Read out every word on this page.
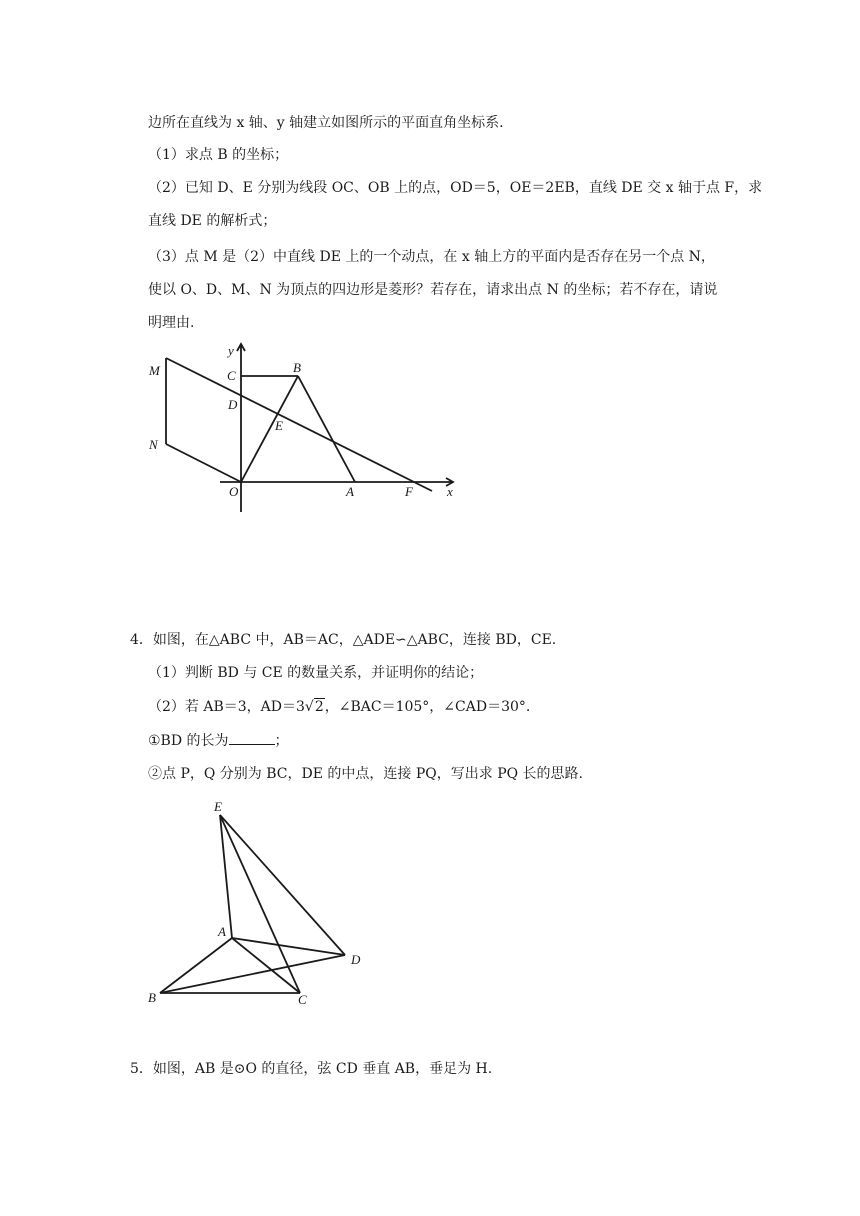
边所在直线为 x 轴、y 轴建立如图所示的平面直角坐标系.
（1）求点 B 的坐标；
（2）已知 D、E 分别为线段 OC、OB 上的点，OD＝5，OE＝2EB，直线 DE 交 x 轴于点 F，求
直线 DE 的解析式；
（3）点 M 是（2）中直线 DE 上的一个动点，在 x 轴上方的平面内是否存在另一个点 N，
使以 O、D、M、N 为顶点的四边形是菱形？若存在，请求出点 N 的坐标；若不存在，请说
明理由.
M
N
y
C
B
D
E
O	A	F	x
E
A
D
B	C
4．如图，在△ABC 中，AB＝AC，△ADE∽△ABC，连接 BD，CE.
（1）判断 BD 与 CE 的数量关系，并证明你的结论；
（2）若 AB＝3，AD＝3√2，∠BAC＝105°，∠CAD＝30°.
①BD 的长为	；
②点 P，Q 分别为 BC，DE 的中点，连接 PQ，写出求 PQ 长的思路.
5．如图，AB 是⊙O 的直径，弦 CD 垂直 AB，垂足为 H.
